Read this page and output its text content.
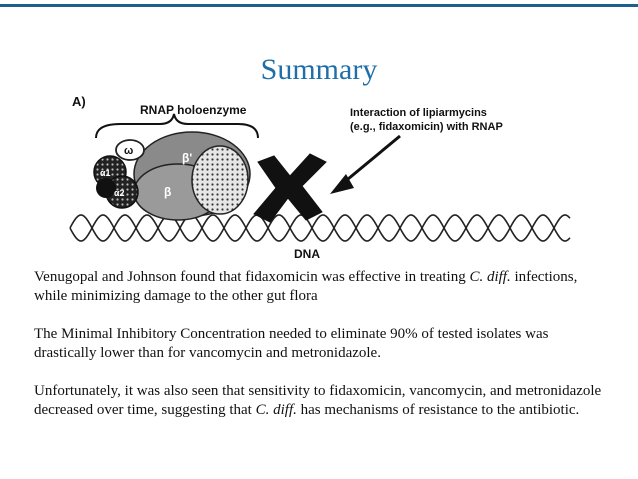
Summary
A)
RNAP holoenzyme	Interaction of lipiarmycins
(e.g., fidaxomicin) with RNAP
ω	β'
β
α1
α2
DNA

Venugopal and Johnson found that fidaxomicin was effective in treating C. diff. infections, while minimizing damage to the other gut flora

The Minimal Inhibitory Concentration needed to eliminate 90% of tested isolates was drastically lower than for vancomycin and metronidazole.

Unfortunately, it was also seen that sensitivity to fidaxomicin, vancomycin, and metronidazole decreased over time, suggesting that C. diff. has mechanisms of resistance to the antibiotic.
